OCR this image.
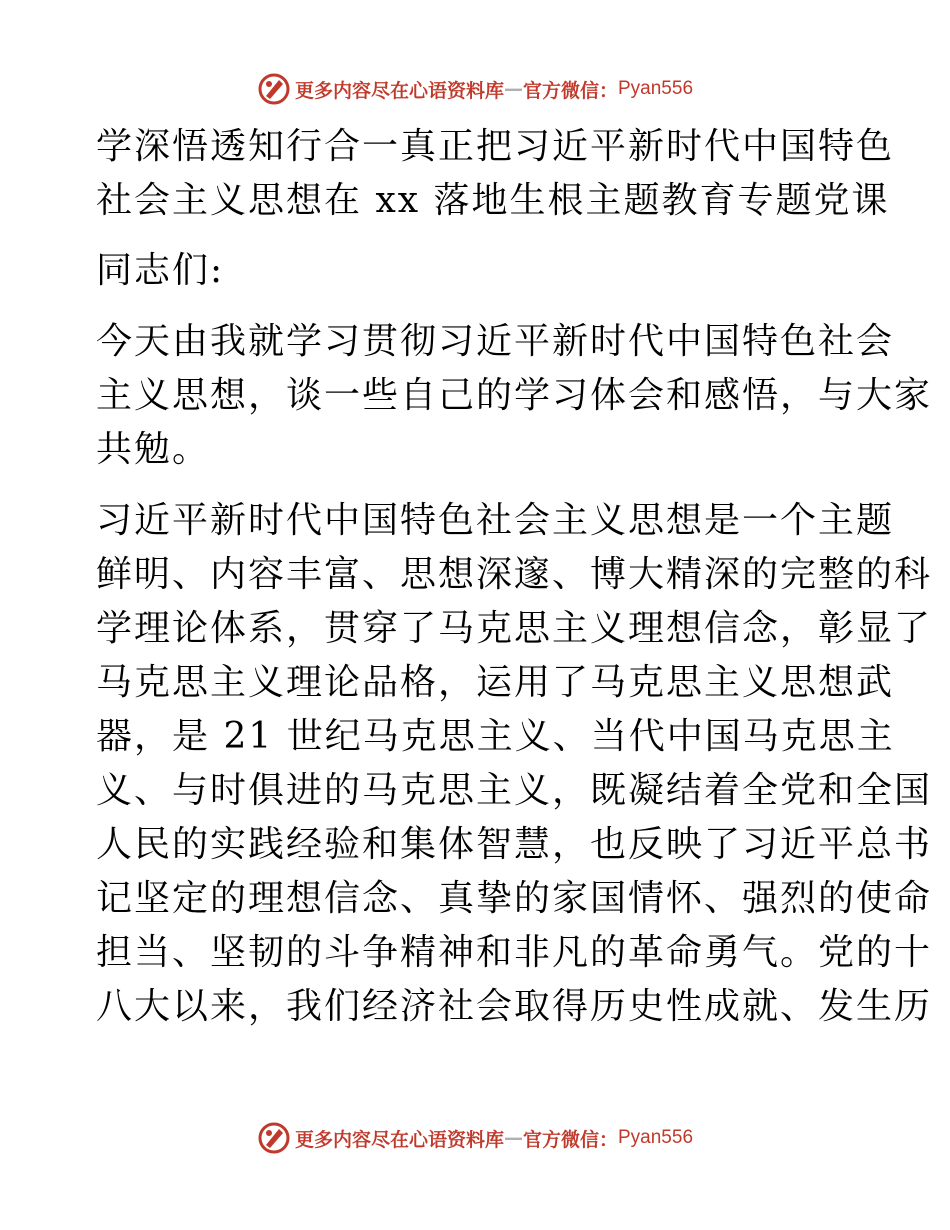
更多内容尽在心语资料库 — 官方微信： Pyan556
学深悟透知行合一真正把习近平新时代中国特色
社会主义思想在 xx 落地生根主题教育专题党课
同志们:
今天由我就学习贯彻习近平新时代中国特色社会
主义思想，谈一些自己的学习体会和感悟，与大家
共勉。
习近平新时代中国特色社会主义思想是一个主题
鲜明、内容丰富、思想深邃、博大精深的完整的科
学理论体系，贯穿了马克思主义理想信念，彰显了
马克思主义理论品格，运用了马克思主义思想武
器，是 21 世纪马克思主义、当代中国马克思主
义、与时俱进的马克思主义，既凝结着全党和全国
人民的实践经验和集体智慧，也反映了习近平总书
记坚定的理想信念、真挚的家国情怀、强烈的使命
担当、坚韧的斗争精神和非凡的革命勇气。党的十
八大以来，我们经济社会取得历史性成就、发生历
更多内容尽在心语资料库 — 官方微信： Pyan556
